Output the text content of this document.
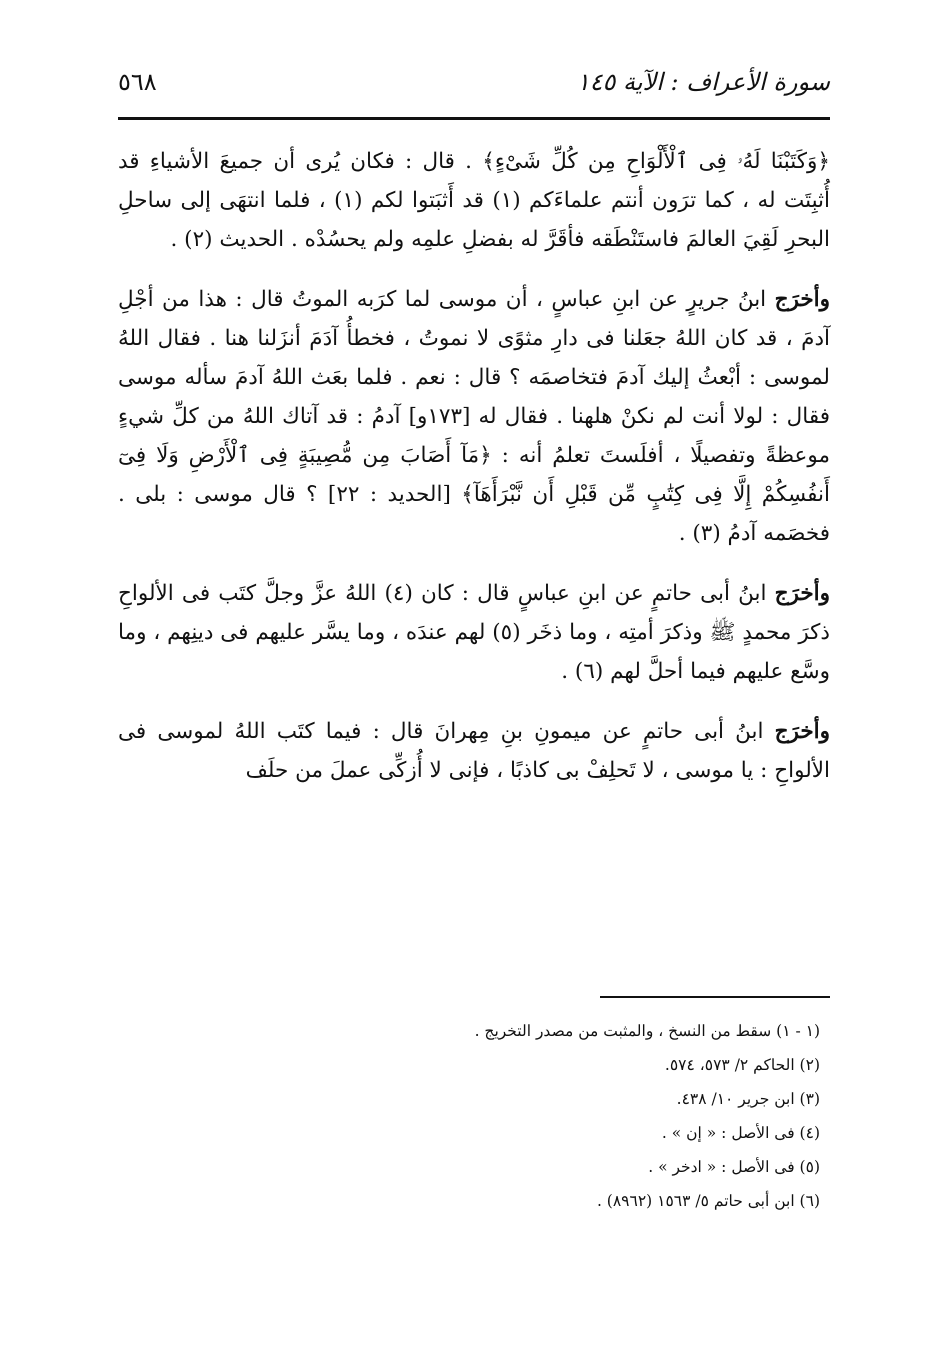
٥٦٨	سورة الأعراف : الآية ١٤٥

﴿وَكَتَبْنَا لَهُۥ فِى ٱلْأَلْوَاحِ مِن كُلِّ شَىْءٍ﴾ . قال : فكان يُرى أن جميعَ الأشياءِ قد أُثبِتَت له ، كما ترَون أنتم علماءَكم (١) قد أَثبَتوا لكم (١) ، فلما انتهَى إلى ساحلِ البحرِ لَقِيَ العالمَ فاستَنْطَقه فأقَرَّ له بفضلِ علمِه ولم يحسُدْه . الحديث (٢) .

وأخرَج ابنُ جريرٍ عن ابنِ عباسٍ ، أن موسى لما كرَبه الموتُ قال : هذا من أجْلِ آدمَ ، قد كان اللهُ جعَلنا فى دارِ مثوًى لا نموتُ ، فخطأُ آدَمَ أنزَلنا هنا . فقال اللهُ لموسى : أبْعثُ إليك آدمَ فتخاصمَه ؟ قال : نعم . فلما بعَث اللهُ آدمَ سأله موسى فقال : لولا أنت لم نكنْ هلهنا . فقال له [١٧٣و] آدمُ : قد آتاك اللهُ من كلِّ شيءٍ موعظةً وتفصيلًا ، أفلَستَ تعلمُ أنه : ﴿مَآ أَصَابَ مِن مُّصِيبَةٍ فِى ٱلْأَرْضِ وَلَا فِىٓ أَنفُسِكُمْ إِلَّا فِى كِتَٰبٍ مِّن قَبْلِ أَن نَّبْرَأَهَآ﴾ [الحديد : ٢٢] ؟ قال موسى : بلى . فخصَمه آدمُ (٣) .

وأخرَج ابنُ أبى حاتمٍ عن ابنِ عباسٍ قال : كان (٤) اللهُ عزَّ وجلَّ كتَب فى الألواحِ ذكرَ محمدٍ ﷺ وذكرَ أمتِه ، وما ذخَر (٥) لهم عندَه ، وما يسَّر عليهم فى دينِهم ، وما وسَّع عليهم فيما أحلَّ لهم (٦) .

وأخرَج ابنُ أبى حاتمٍ عن ميمونِ بنِ مِهرانَ قال : فيما كتَب اللهُ لموسى فى الألواحِ : يا موسى ، لا تَحلِفْ بى كاذبًا ، فإنى لا أُزكِّى عملَ من حلَف

(١ - ١) سقط من النسخ ، والمثبت من مصدر التخريج .
(٢) الحاكم ٢/ ٥٧٣، ٥٧٤.
(٣) ابن جرير ١٠/ ٤٣٨.
(٤) فى الأصل : « إن » .
(٥) فى الأصل : « ادخر » .
(٦) ابن أبى حاتم ٥/ ١٥٦٣ (٨٩٦٢) .
